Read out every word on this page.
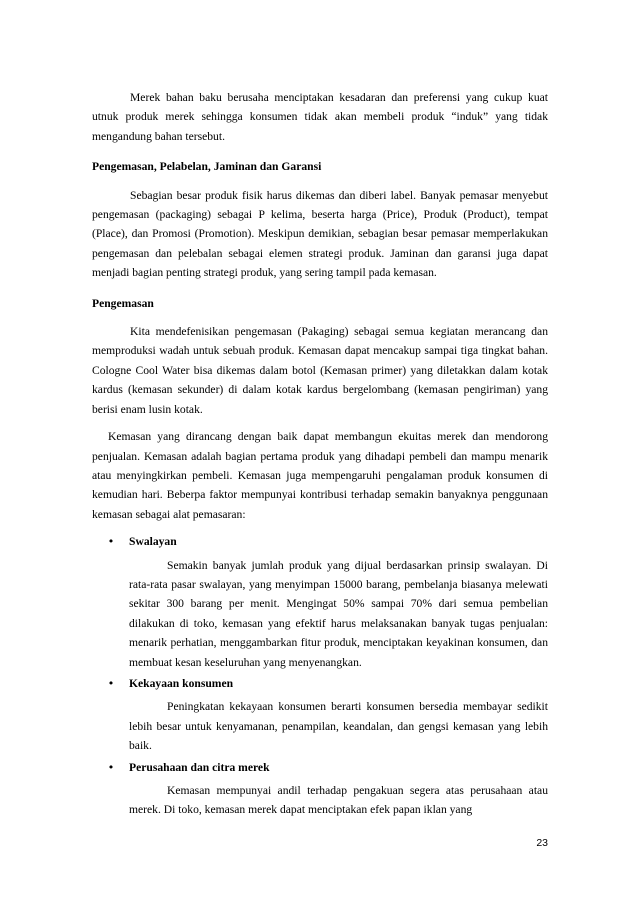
Merek bahan baku berusaha menciptakan kesadaran dan preferensi yang cukup kuat utnuk produk merek sehingga konsumen tidak akan membeli produk “induk” yang tidak mengandung bahan tersebut.

Pengemasan, Pelabelan, Jaminan dan Garansi

Sebagian besar produk fisik harus dikemas dan diberi label. Banyak pemasar menyebut pengemasan (packaging) sebagai P kelima, beserta harga (Price), Produk (Product), tempat (Place), dan Promosi (Promotion). Meskipun demikian, sebagian besar pemasar memperlakukan pengemasan dan pelebalan sebagai elemen strategi produk. Jaminan dan garansi juga dapat menjadi bagian penting strategi produk, yang sering tampil pada kemasan.

Pengemasan

Kita mendefenisikan pengemasan (Pakaging) sebagai semua kegiatan merancang dan memproduksi wadah untuk sebuah produk. Kemasan dapat mencakup sampai tiga tingkat bahan. Cologne Cool Water bisa dikemas dalam botol (Kemasan primer) yang diletakkan dalam kotak kardus (kemasan sekunder) di dalam kotak kardus bergelombang (kemasan pengiriman) yang berisi enam lusin kotak.

Kemasan yang dirancang dengan baik dapat membangun ekuitas merek dan mendorong penjualan. Kemasan adalah bagian pertama produk yang dihadapi pembeli dan mampu menarik atau menyingkirkan pembeli. Kemasan juga mempengaruhi pengalaman produk konsumen di kemudian hari. Beberpa faktor mempunyai kontribusi terhadap semakin banyaknya penggunaan kemasan sebagai alat pemasaran:

• Swalayan

Semakin banyak jumlah produk yang dijual berdasarkan prinsip swalayan. Di rata-rata pasar swalayan, yang menyimpan 15000 barang, pembelanja biasanya melewati sekitar 300 barang per menit. Mengingat 50% sampai 70% dari semua pembelian dilakukan di toko, kemasan yang efektif harus melaksanakan banyak tugas penjualan: menarik perhatian, menggambarkan fitur produk, menciptakan keyakinan konsumen, dan membuat kesan keseluruhan yang menyenangkan.

• Kekayaan konsumen

Peningkatan kekayaan konsumen berarti konsumen bersedia membayar sedikit lebih besar untuk kenyamanan, penampilan, keandalan, dan gengsi kemasan yang lebih baik.

• Perusahaan dan citra merek

Kemasan mempunyai andil terhadap pengakuan segera atas perusahaan atau merek. Di toko, kemasan merek dapat menciptakan efek papan iklan yang

23
